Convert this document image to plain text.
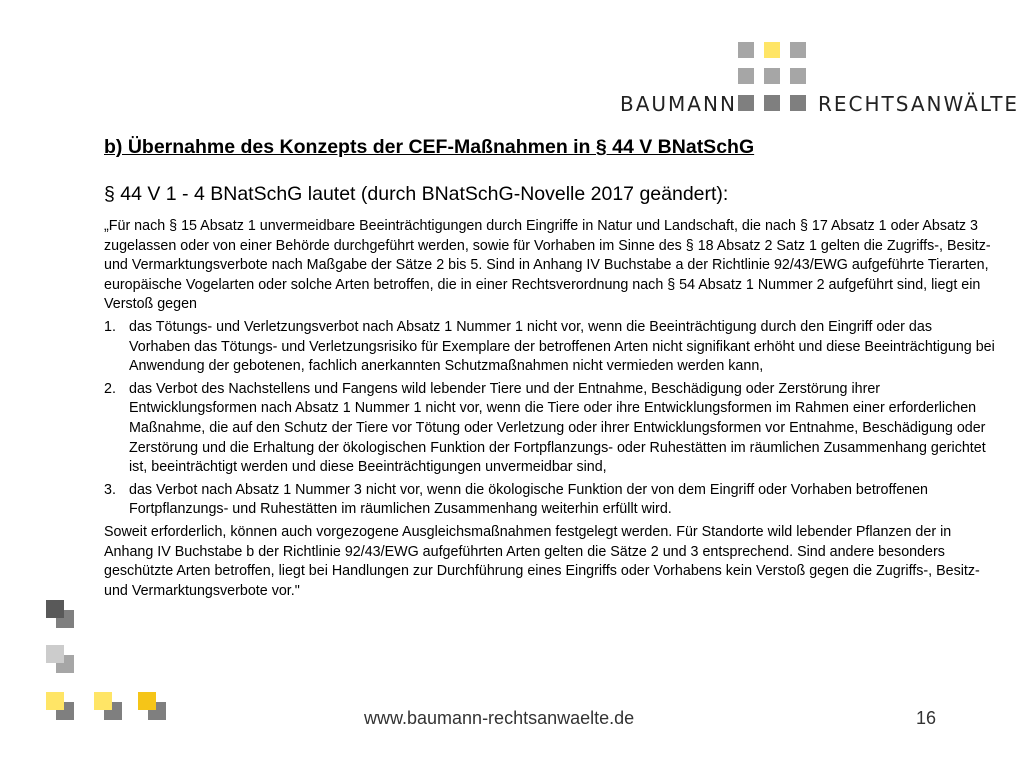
BAUMANN	RECHTSANWÄLTE
b) Übernahme des Konzepts der CEF-Maßnahmen in § 44 V BNatSchG
§ 44 V 1 - 4 BNatSchG lautet (durch BNatSchG-Novelle 2017 geändert):

„Für nach § 15 Absatz 1 unvermeidbare Beeinträchtigungen durch Eingriffe in Natur und Landschaft, die nach § 17 Absatz 1 oder Absatz 3 zugelassen oder von einer Behörde durchgeführt werden, sowie für Vorhaben im Sinne des § 18 Absatz 2 Satz 1 gelten die Zugriffs-, Besitz- und Vermarktungsverbote nach Maßgabe der Sätze 2 bis 5. Sind in Anhang IV Buchstabe a der Richtlinie 92/43/EWG aufgeführte Tierarten, europäische Vogelarten oder solche Arten betroffen, die in einer Rechtsverordnung nach § 54 Absatz 1 Nummer 2 aufgeführt sind, liegt ein Verstoß gegen

1. das Tötungs- und Verletzungsverbot nach Absatz 1 Nummer 1 nicht vor, wenn die Beeinträchtigung durch den Eingriff oder das Vorhaben das Tötungs- und Verletzungsrisiko für Exemplare der betroffenen Arten nicht signifikant erhöht und diese Beeinträchtigung bei Anwendung der gebotenen, fachlich anerkannten Schutzmaßnahmen nicht vermieden werden kann,
2. das Verbot des Nachstellens und Fangens wild lebender Tiere und der Entnahme, Beschädigung oder Zerstörung ihrer Entwicklungsformen nach Absatz 1 Nummer 1 nicht vor, wenn die Tiere oder ihre Entwicklungsformen im Rahmen einer erforderlichen Maßnahme, die auf den Schutz der Tiere vor Tötung oder Verletzung oder ihrer Entwicklungsformen vor Entnahme, Beschädigung oder Zerstörung und die Erhaltung der ökologischen Funktion der Fortpflanzungs- oder Ruhestätten im räumlichen Zusammenhang gerichtet ist, beeinträchtigt werden und diese Beeinträchtigungen unvermeidbar sind,
3. das Verbot nach Absatz 1 Nummer 3 nicht vor, wenn die ökologische Funktion der von dem Eingriff oder Vorhaben betroffenen Fortpflanzungs- und Ruhestätten im räumlichen Zusammenhang weiterhin erfüllt wird.

Soweit erforderlich, können auch vorgezogene Ausgleichsmaßnahmen festgelegt werden. Für Standorte wild lebender Pflanzen der in Anhang IV Buchstabe b der Richtlinie 92/43/EWG aufgeführten Arten gelten die Sätze 2 und 3 entsprechend. Sind andere besonders geschützte Arten betroffen, liegt bei Handlungen zur Durchführung eines Eingriffs oder Vorhabens kein Verstoß gegen die Zugriffs-, Besitz- und Vermarktungsverbote vor."

www.baumann-rechtsanwaelte.de	16
